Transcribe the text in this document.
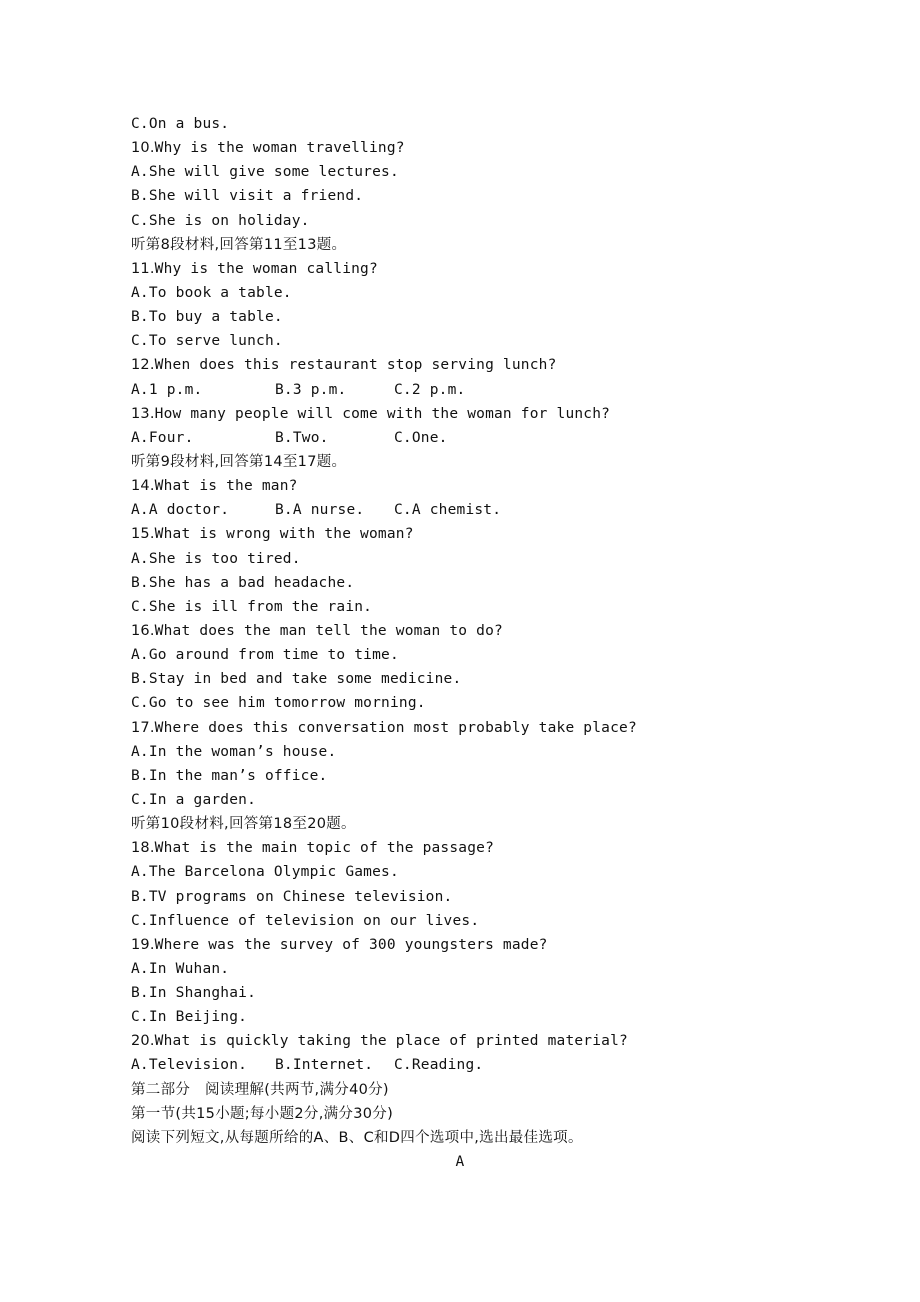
C.On a bus.
10.Why is the woman travelling?
A.She will give some lectures.
B.She will visit a friend.
C.She is on holiday.
听第8段材料,回答第11至13题。
11.Why is the woman calling?
A.To book a table.
B.To buy a table.
C.To serve lunch.
12.When does this restaurant stop serving lunch?
A.1 p.m.	B.3 p.m.	C.2 p.m.
13.How many people will come with the woman for lunch?
A.Four.	B.Two.	C.One.
听第9段材料,回答第14至17题。
14.What is the man?
A.A doctor.	B.A nurse.	C.A chemist.
15.What is wrong with the woman?
A.She is too tired.
B.She has a bad headache.
C.She is ill from the rain.
16.What does the man tell the woman to do?
A.Go around from time to time.
B.Stay in bed and take some medicine.
C.Go to see him tomorrow morning.
17.Where does this conversation most probably take place?
A.In the woman’s house.
B.In the man’s office.
C.In a garden.
听第10段材料,回答第18至20题。
18.What is the main topic of the passage?
A.The Barcelona Olympic Games.
B.TV programs on Chinese television.
C.Influence of television on our lives.
19.Where was the survey of 300 youngsters made?
A.In Wuhan.
B.In Shanghai.
C.In Beijing.
20.What is quickly taking the place of printed material?
A.Television.	B.Internet.	C.Reading.
第二部分　阅读理解(共两节,满分40分)
第一节(共15小题;每小题2分,满分30分)
阅读下列短文,从每题所给的A、B、C和D四个选项中,选出最佳选项。
A
